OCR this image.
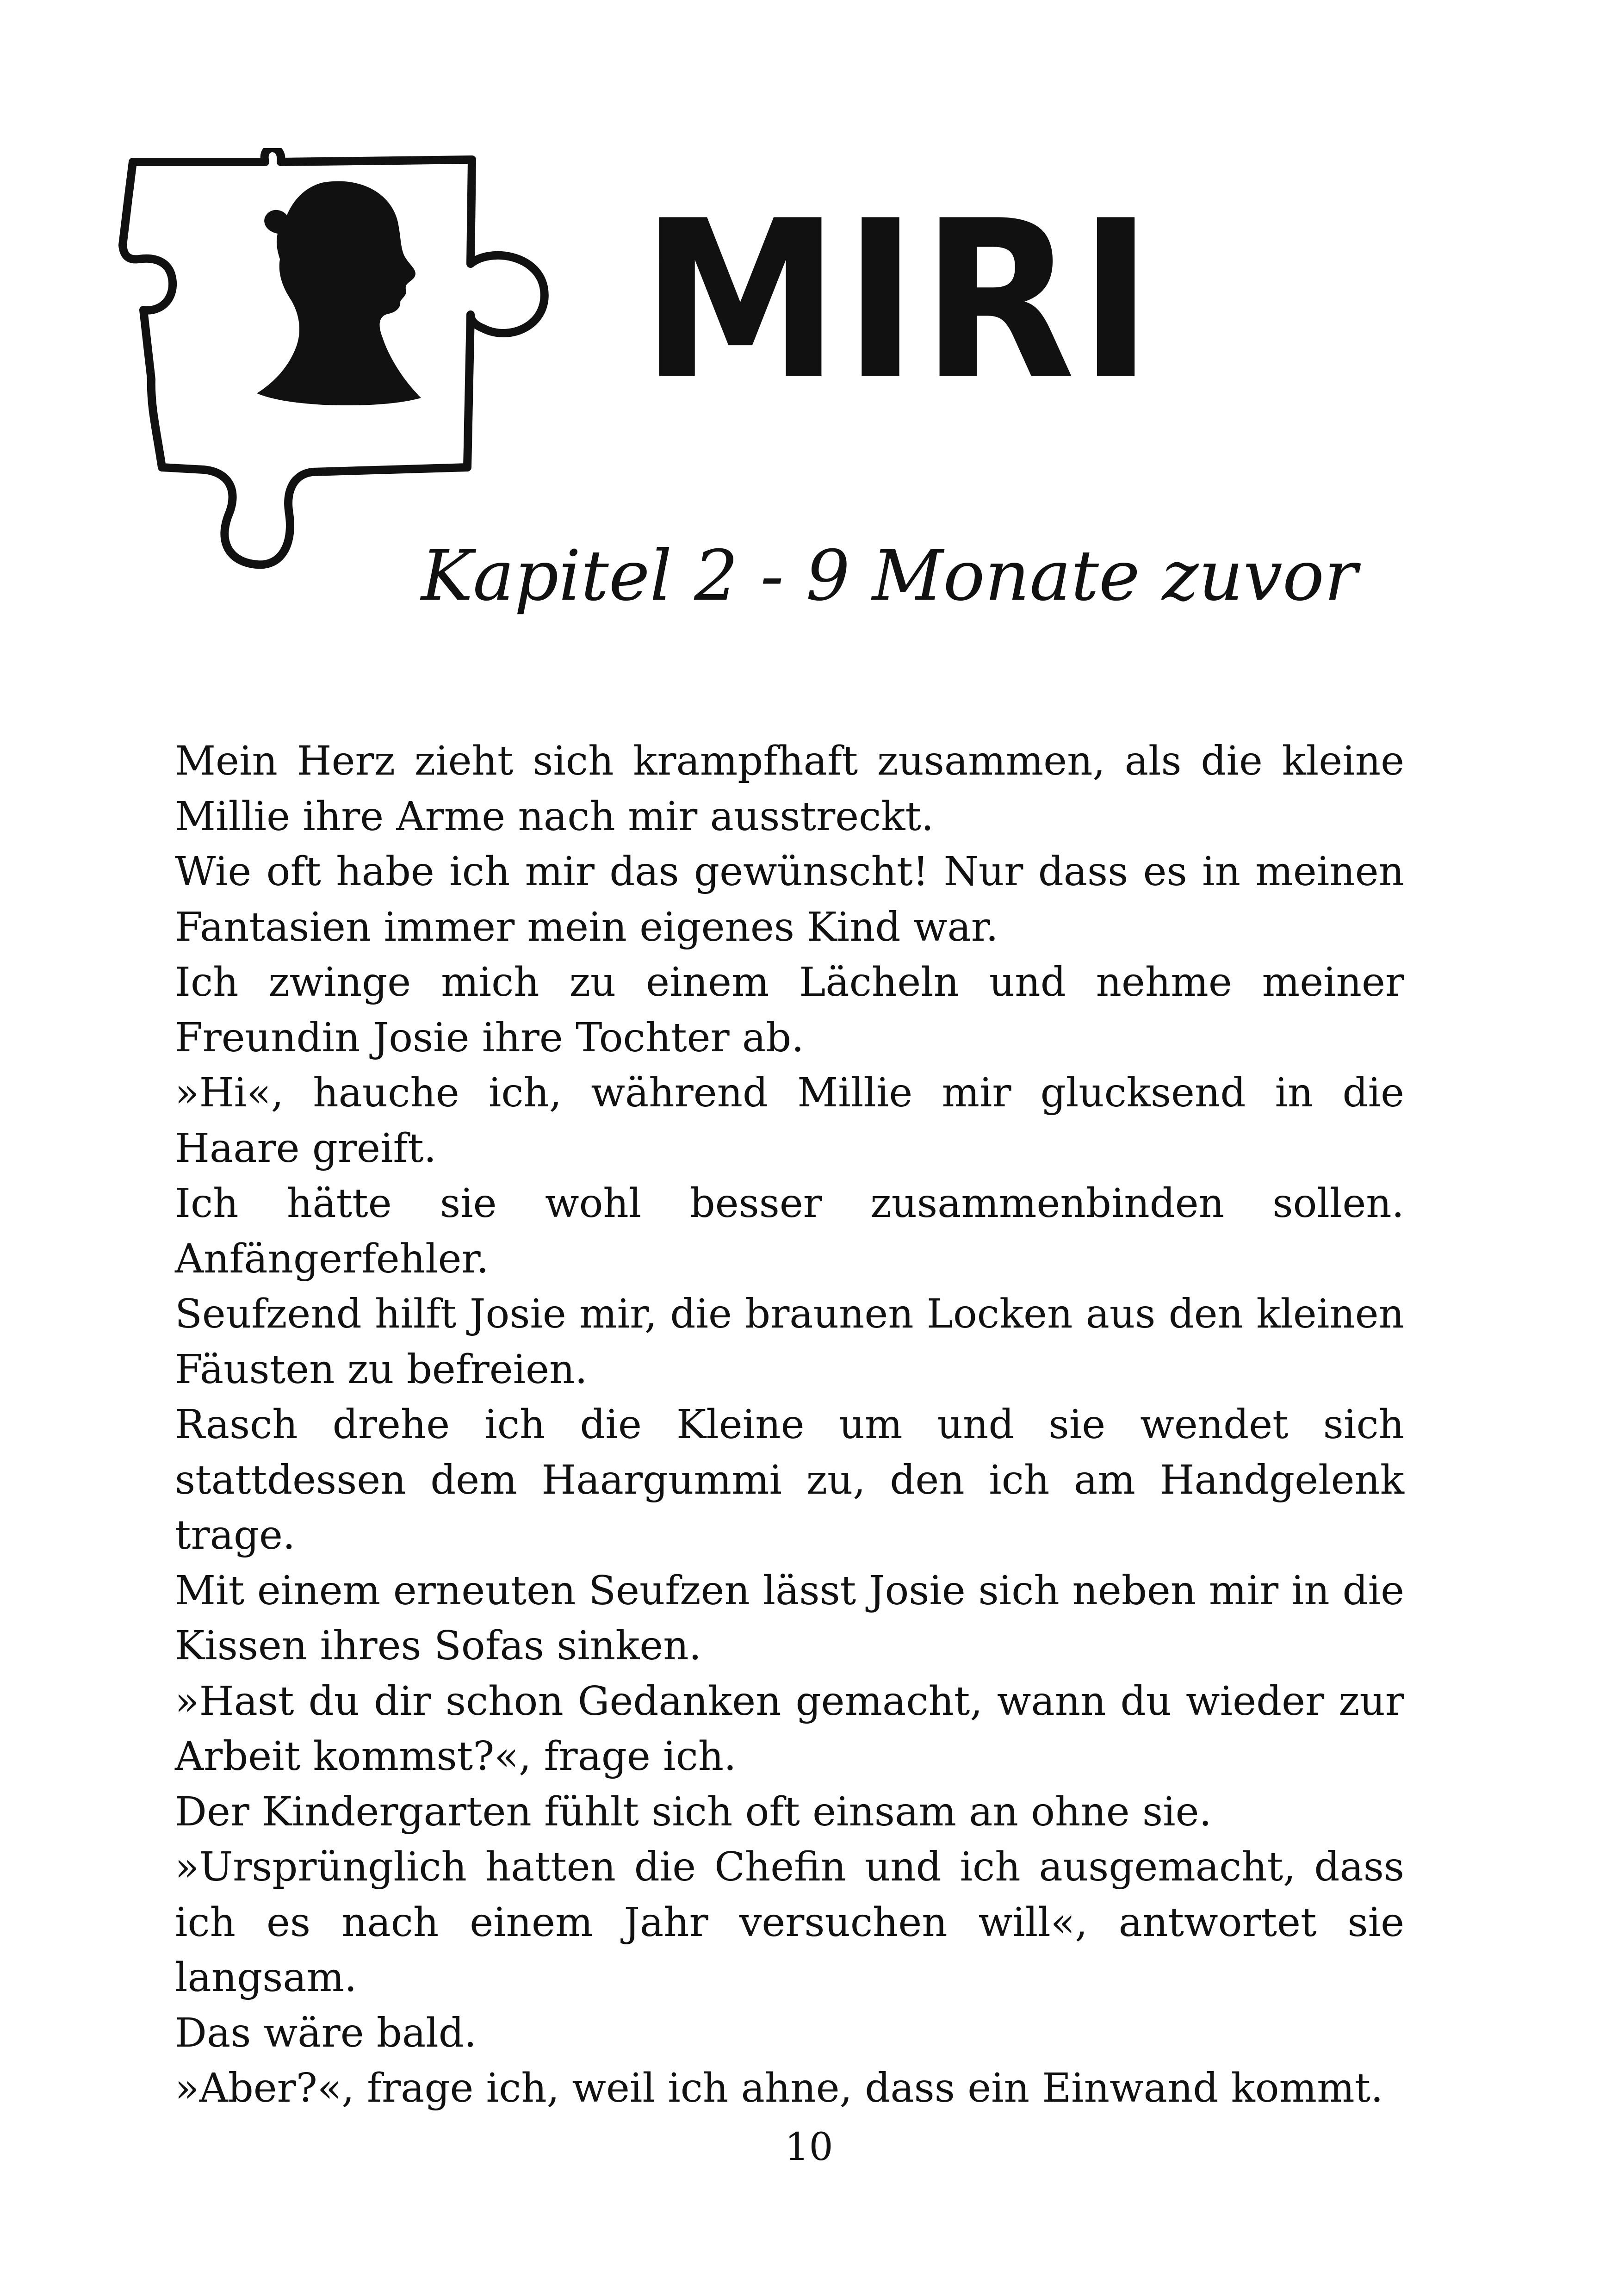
MIRI
Kapitel 2 - 9 Monate zuvor

Mein Herz zieht sich krampfhaft zusammen, als die kleine Millie ihre Arme nach mir ausstreckt.

Wie oft habe ich mir das gewünscht! Nur dass es in meinen Fantasien immer mein eigenes Kind war.

Ich zwinge mich zu einem Lächeln und nehme meiner Freundin Josie ihre Tochter ab.

»Hi«, hauche ich, während Millie mir glucksend in die Haare greift.

Ich hätte sie wohl besser zusammenbinden sollen. Anfängerfehler.

Seufzend hilft Josie mir, die braunen Locken aus den kleinen Fäusten zu befreien.

Rasch drehe ich die Kleine um und sie wendet sich stattdessen dem Haargummi zu, den ich am Handgelenk trage.

Mit einem erneuten Seufzen lässt Josie sich neben mir in die Kissen ihres Sofas sinken.

»Hast du dir schon Gedanken gemacht, wann du wieder zur Arbeit kommst?«, frage ich.

Der Kindergarten fühlt sich oft einsam an ohne sie.

»Ursprünglich hatten die Chefin und ich ausgemacht, dass ich es nach einem Jahr versuchen will«, antwortet sie langsam.

Das wäre bald.

»Aber?«, frage ich, weil ich ahne, dass ein Einwand kommt.

10
